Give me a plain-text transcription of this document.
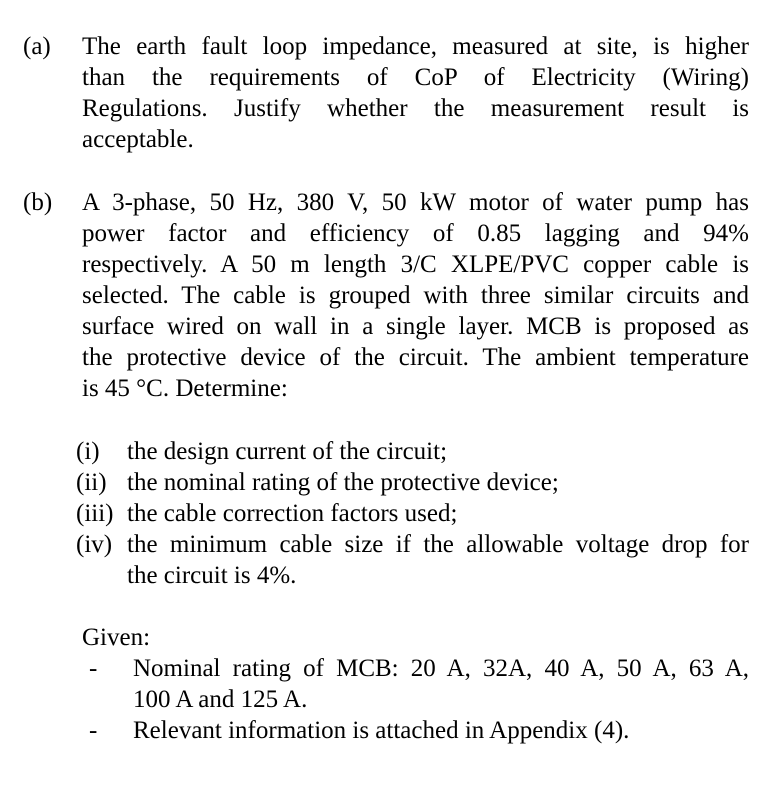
(a) The earth fault loop impedance, measured at site, is higher
than the requirements of CoP of Electricity (Wiring)
Regulations. Justify whether the measurement result is
acceptable.
(b) A 3-phase, 50 Hz, 380 V, 50 kW motor of water pump has
power factor and efficiency of 0.85 lagging and 94%
respectively. A 50 m length 3/C XLPE/PVC copper cable is
selected. The cable is grouped with three similar circuits and
surface wired on wall in a single layer. MCB is proposed as
the protective device of the circuit. The ambient temperature
is 45 °C. Determine:
(i) the design current of the circuit;
(ii) the nominal rating of the protective device;
(iii) the cable correction factors used;
(iv) the minimum cable size if the allowable voltage drop for
the circuit is 4%.
Given:
- Nominal rating of MCB: 20 A, 32A, 40 A, 50 A, 63 A,
100 A and 125 A.
- Relevant information is attached in Appendix (4).
